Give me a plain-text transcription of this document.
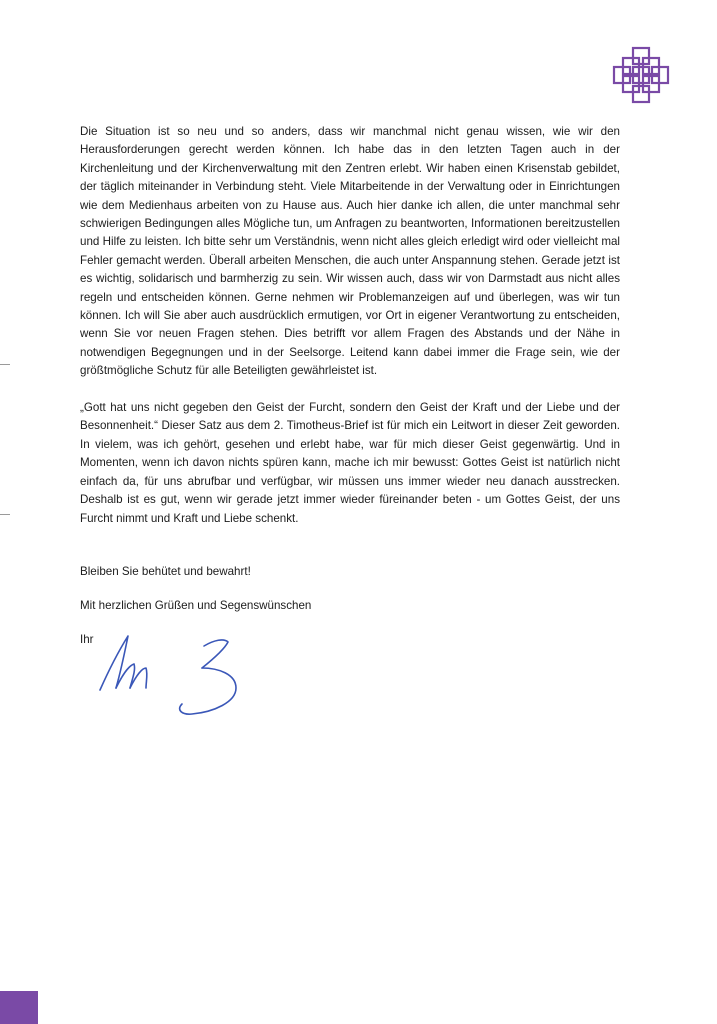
Die Situation ist so neu und so anders, dass wir manchmal nicht genau wissen, wie wir den Herausforderungen gerecht werden können. Ich habe das in den letzten Tagen auch in der Kirchenleitung und der Kirchenverwaltung mit den Zentren erlebt. Wir haben einen Krisenstab gebildet, der täglich miteinander in Verbindung steht. Viele Mitarbeitende in der Verwaltung oder in Einrichtungen wie dem Medienhaus arbeiten von zu Hause aus. Auch hier danke ich allen, die unter manchmal sehr schwierigen Bedingungen alles Mögliche tun, um Anfragen zu beantworten, Informationen bereitzustellen und Hilfe zu leisten. Ich bitte sehr um Verständnis, wenn nicht alles gleich erledigt wird oder vielleicht mal Fehler gemacht werden. Überall arbeiten Menschen, die auch unter Anspannung stehen. Gerade jetzt ist es wichtig, solidarisch und barmherzig zu sein. Wir wissen auch, dass wir von Darmstadt aus nicht alles regeln und entscheiden können. Gerne nehmen wir Problemanzeigen auf und überlegen, was wir tun können. Ich will Sie aber auch ausdrücklich ermutigen, vor Ort in eigener Verantwortung zu entscheiden, wenn Sie vor neuen Fragen stehen. Dies betrifft vor allem Fragen des Abstands und der Nähe in notwendigen Begegnungen und in der Seelsorge. Leitend kann dabei immer die Frage sein, wie der größtmögliche Schutz für alle Beteiligten gewährleistet ist.

„Gott hat uns nicht gegeben den Geist der Furcht, sondern den Geist der Kraft und der Liebe und der Besonnenheit.“ Dieser Satz aus dem 2. Timotheus-Brief ist für mich ein Leitwort in dieser Zeit geworden. In vielem, was ich gehört, gesehen und erlebt habe, war für mich dieser Geist gegenwärtig. Und in Momenten, wenn ich davon nichts spüren kann, mache ich mir bewusst: Gottes Geist ist natürlich nicht einfach da, für uns abrufbar und verfügbar, wir müssen uns immer wieder neu danach ausstrecken. Deshalb ist es gut, wenn wir gerade jetzt immer wieder füreinander beten - um Gottes Geist, der uns Furcht nimmt und Kraft und Liebe schenkt.

Bleiben Sie behütet und bewahrt!

Mit herzlichen Grüßen und Segenswünschen

Ihr
